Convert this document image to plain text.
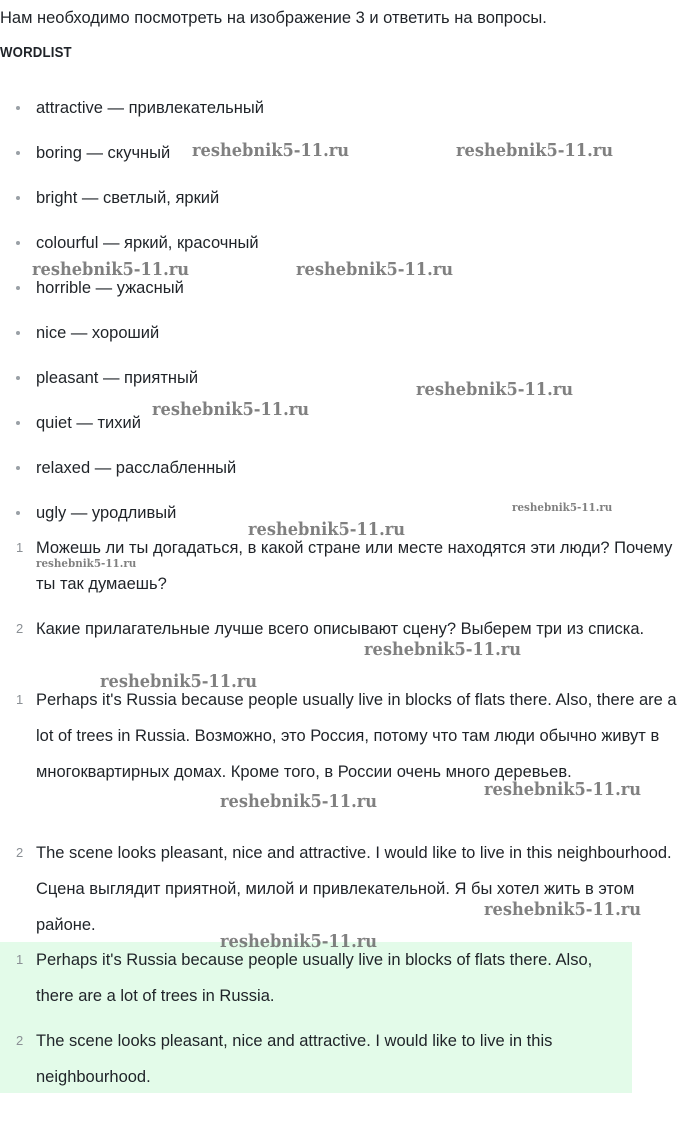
Нам необходимо посмотреть на изображение 3 и ответить на вопросы.
WORDLIST
attractive — привлекательный
boring — скучный
bright — светлый, яркий
colourful — яркий, красочный
horrible — ужасный
nice — хороший
pleasant — приятный
quiet — тихий
relaxed — расслабленный
ugly — уродливый
1 Можешь ли ты догадаться, в какой стране или месте находятся эти люди? Почему ты так думаешь?
2 Какие прилагательные лучше всего описывают сцену? Выберем три из списка.
1 Perhaps it's Russia because people usually live in blocks of flats there. Also, there are a lot of trees in Russia. Возможно, это Россия, потому что там люди обычно живут в многоквартирных домах. Кроме того, в России очень много деревьев.
2 The scene looks pleasant, nice and attractive. I would like to live in this neighbourhood. Сцена выглядит приятной, милой и привлекательной. Я бы хотел жить в этом районе.
1 Perhaps it's Russia because people usually live in blocks of flats there. Also, there are a lot of trees in Russia.
2 The scene looks pleasant, nice and attractive. I would like to live in this neighbourhood.
reshebnik5-11.ru	reshebnik5-11.ru
reshebnik5-11.ru	reshebnik5-11.ru
reshebnik5-11.ru
reshebnik5-11.ru
reshebnik5-11.ru
reshebnik5-11.ru
reshebnik5-11.ru
reshebnik5-11.ru
reshebnik5-11.ru
reshebnik5-11.ru
reshebnik5-11.ru
reshebnik5-11.ru
reshebnik5-11.ru
